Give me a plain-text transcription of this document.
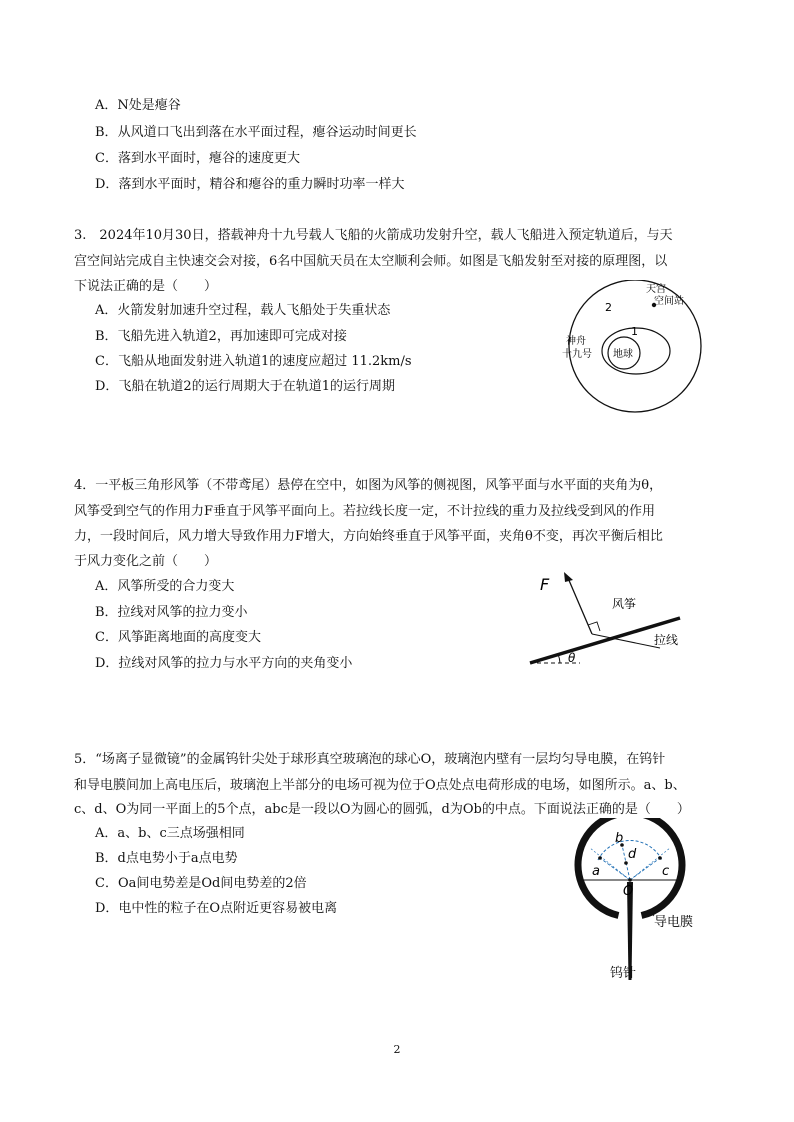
A．N处是瘪谷
B．从风道口飞出到落在水平面过程，瘪谷运动时间更长
C．落到水平面时，瘪谷的速度更大
D．落到水平面时，精谷和瘪谷的重力瞬时功率一样大
3.　2024年10月30日，搭载神舟十九号载人飞船的火箭成功发射升空，载人飞船进入预定轨道后，与天
宫空间站完成自主快速交会对接，6名中国航天员在太空顺利会师。如图是飞船发射至对接的原理图，以
下说法正确的是（　　）
A．火箭发射加速升空过程，载人飞船处于失重状态
B．飞船先进入轨道2，再加速即可完成对接
C．飞船从地面发射进入轨道1的速度应超过 11.2km/s
D．飞船在轨道2的运行周期大于在轨道1的运行周期
2
1
天宫
空间站
神舟
十九号 地球
4．一平板三角形风筝（不带鸢尾）悬停在空中，如图为风筝的侧视图，风筝平面与水平面的夹角为θ，
风筝受到空气的作用力F垂直于风筝平面向上。若拉线长度一定，不计拉线的重力及拉线受到风的作用
力，一段时间后，风力增大导致作用力F增大，方向始终垂直于风筝平面，夹角θ不变，再次平衡后相比
于风力变化之前（　　）
A．风筝所受的合力变大
B．拉线对风筝的拉力变小
C．风筝距离地面的高度变大
D．拉线对风筝的拉力与水平方向的夹角变小
F
风筝
拉线
θ
5．“场离子显微镜”的金属钨针尖处于球形真空玻璃泡的球心O，玻璃泡内壁有一层均匀导电膜，在钨针
和导电膜间加上高电压后，玻璃泡上半部分的电场可视为位于O点处点电荷形成的电场，如图所示。a、b、
c、d、O为同一平面上的5个点，abc是一段以O为圆心的圆弧，d为Ob的中点。下面说法正确的是（　　）
A．a、b、c三点场强相同
B．d点电势小于a点电势
C．Oa间电势差是Od间电势差的2倍
D．电中性的粒子在O点附近更容易被电离
a
b
d
c
O
导电膜
钨针
2
